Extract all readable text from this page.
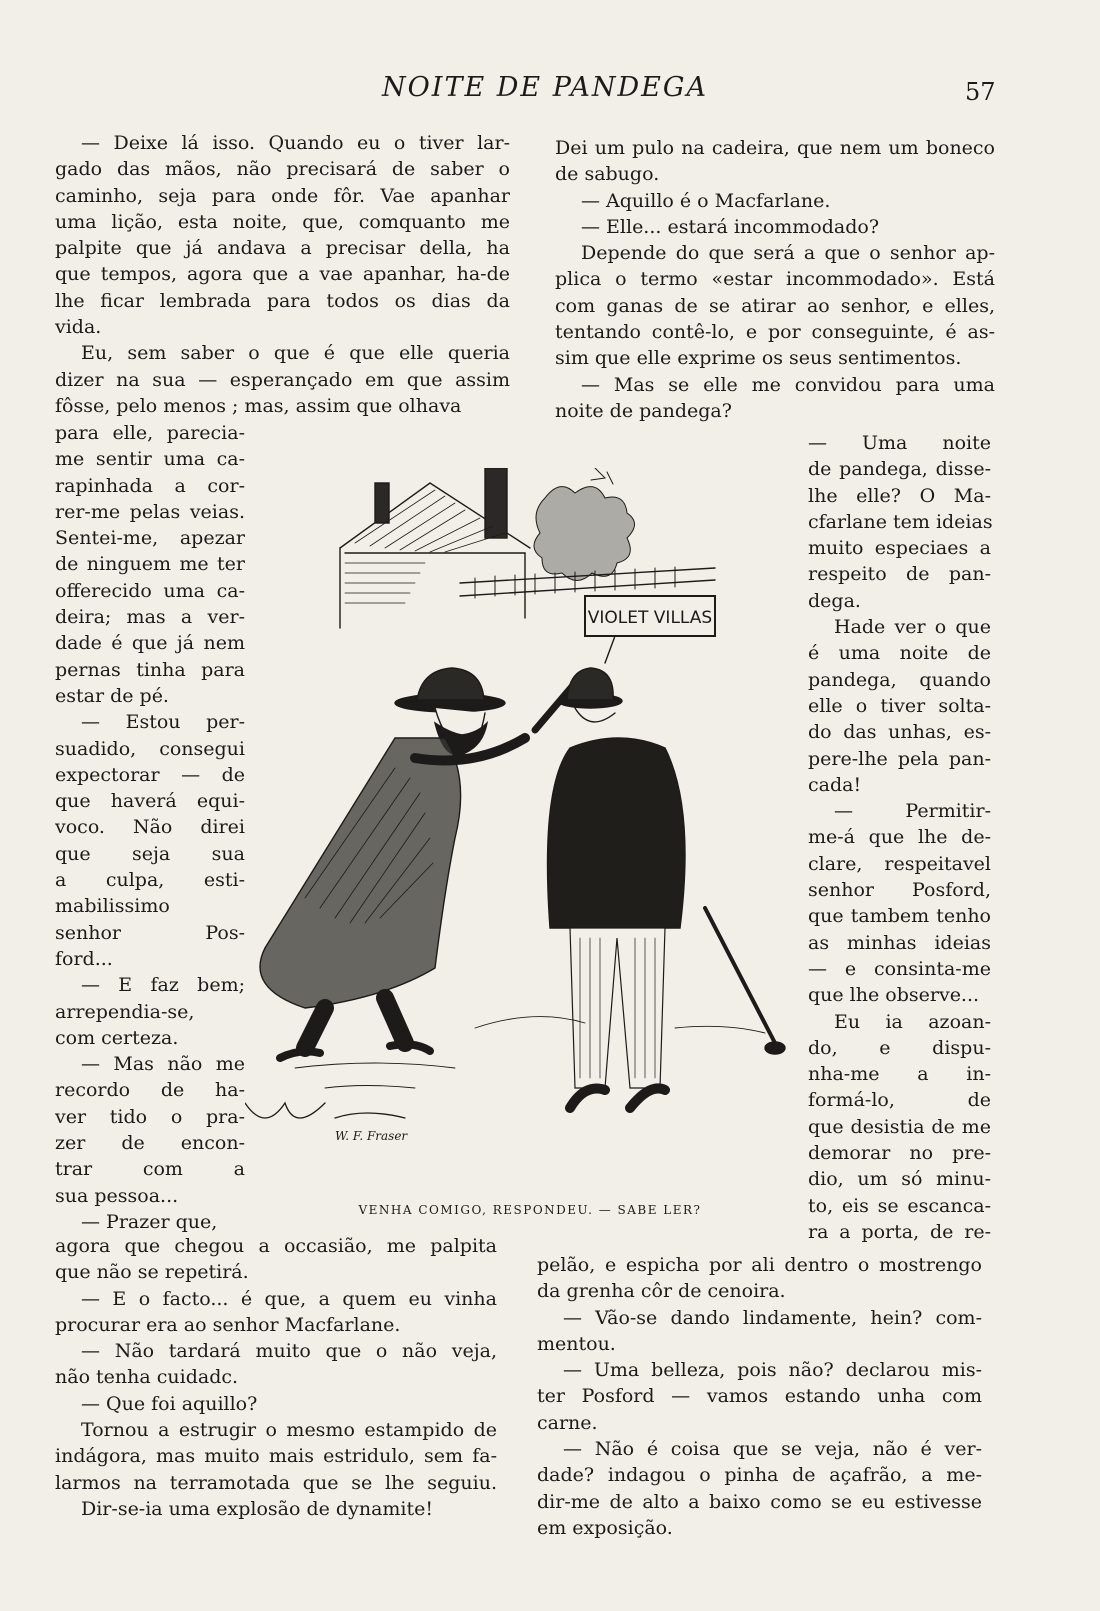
NOITE DE PANDEGA	57

— Deixe lá isso. Quando eu o tiver lar-

gado das mãos, não precisará de saber o

caminho, seja para onde fôr. Vae apanhar

uma lição, esta noite, que, comquanto me

palpite que já andava a precisar della, ha

que tempos, agora que a vae apanhar, ha-de

lhe ficar lembrada para todos os dias da

vida.

Eu, sem saber o que é que elle queria

dizer na sua — esperançado em que assim

fôsse, pelo menos ; mas, assim que olhava

para elle, parecia-

me sentir uma ca-

rapinhada a cor-

rer-me pelas veias.

Sentei-me, apezar

de ninguem me ter

offerecido uma ca-

deira; mas a ver-

dade é que já nem

pernas tinha para

estar de pé.

— Estou per-

suadido, consegui

expectorar — de

que haverá equi-

voco. Não direi

que seja sua

a culpa, esti-

mabilissimo

senhor Pos-

ford...

— E faz bem;

arrependia-se,

com certeza.

— Mas não me

recordo de ha-

ver tido o pra-

zer de encon-

trar com a

sua pessoa...

— Prazer que,

agora que chegou a occasião, me palpita

que não se repetirá.

— E o facto... é que, a quem eu vinha

procurar era ao senhor Macfarlane.

— Não tardará muito que o não veja,

não tenha cuidadc.

— Que foi aquillo?

Tornou a estrugir o mesmo estampido de

indágora, mas muito mais estridulo, sem fa-

larmos na terramotada que se lhe seguiu.

Dir-se-ia uma explosão de dynamite!

Dei um pulo na cadeira, que nem um boneco

de sabugo.

— Aquillo é o Macfarlane.

— Elle... estará incommodado?

Depende do que será a que o senhor ap-

plica o termo «estar incommodado». Está

com ganas de se atirar ao senhor, e elles,

tentando contê-lo, e por conseguinte, é as-

sim que elle exprime os seus sentimentos.

— Mas se elle me convidou para uma

noite de pandega?

— Uma noite

de pandega, disse-

lhe elle? O Ma-

cfarlane tem ideias

muito especiaes a

respeito de pan-

dega.

Hade ver o que

é uma noite de

pandega, quando

elle o tiver solta-

do das unhas, es-

pere-lhe pela pan-

cada!

— Permitir-

me-á que lhe de-

clare, respeitavel

senhor Posford,

que tambem tenho

as minhas ideias

— e consinta-me

que lhe observe...

Eu ia azoan-

do, e dispu-

nha-me a in-

formá-lo, de

que desistia de me

demorar no pre-

dio, um só minu-

to, eis se escanca-

ra a porta, de re-

pelão, e espicha por ali dentro o mostrengo

da grenha côr de cenoira.

— Vão-se dando lindamente, hein? com-

mentou.

— Uma belleza, pois não? declarou mis-

ter Posford — vamos estando unha com

carne.

— Não é coisa que se veja, não é ver-

dade? indagou o pinha de açafrão, a me-

dir-me de alto a baixo como se eu estivesse

em exposição.

VIOLET VILLAS
W. F. Fraser
VENHA COMIGO, RESPONDEU. — SABE LER?
